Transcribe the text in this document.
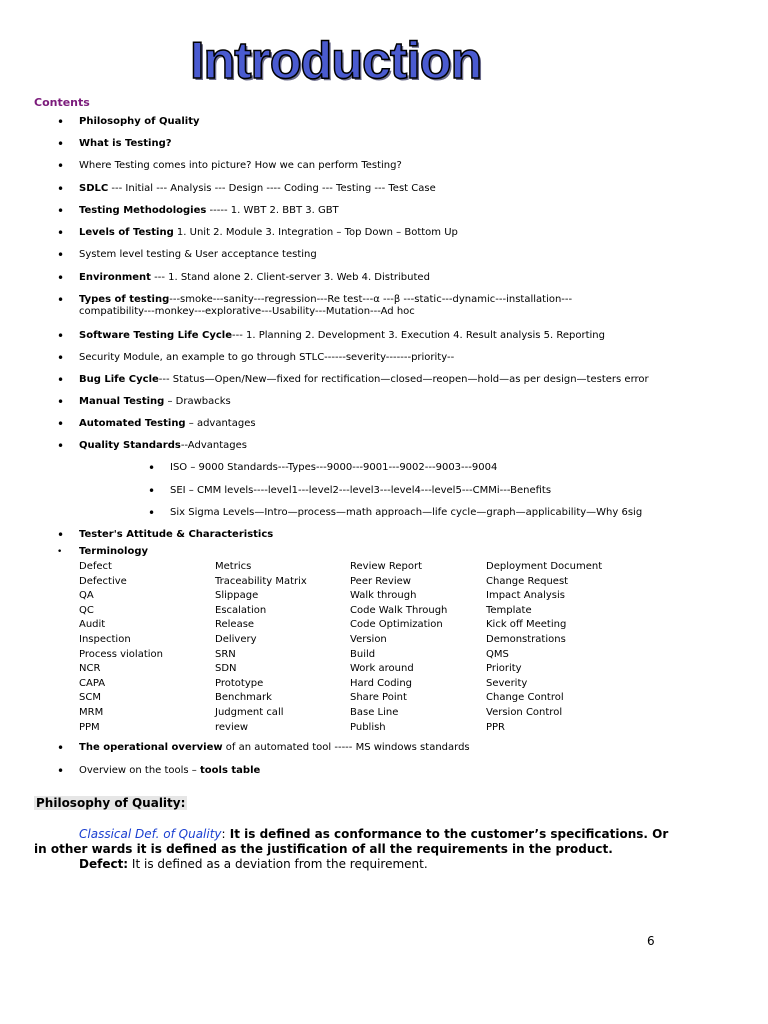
Introduction
Contents
• Philosophy of Quality
• What is Testing?
• Where Testing comes into picture? How we can perform Testing?
• SDLC --- Initial --- Analysis --- Design ---- Coding --- Testing --- Test Case
• Testing Methodologies ----- 1. WBT 2. BBT 3. GBT
• Levels of Testing 1. Unit 2. Module 3. Integration – Top Down – Bottom Up
• System level testing & User acceptance testing
• Environment --- 1. Stand alone 2. Client-server 3. Web 4. Distributed
• Types of testing---smoke---sanity---regression---Re test---α ---β ---static---dynamic---installation---compatibility---monkey---explorative---Usability---Mutation---Ad hoc
• Software Testing Life Cycle--- 1. Planning 2. Development 3. Execution 4. Result analysis 5. Reporting
• Security Module, an example to go through STLC------severity-------priority--
• Bug Life Cycle--- Status—Open/New—fixed for rectification—closed—reopen—hold—as per design—testers error
• Manual Testing – Drawbacks
• Automated Testing – advantages
• Quality Standards--Advantages
• ISO – 9000 Standards---Types---9000---9001---9002---9003---9004
• SEI – CMM levels----level1---level2---level3---level4---level5---CMMi---Benefits
• Six Sigma Levels—Intro—process—math approach—life cycle—graph—applicability—Why 6sig
• Tester's Attitude & Characteristics
• Terminology
Defect	Metrics	Review Report	Deployment Document
Defective	Traceability Matrix	Peer Review	Change Request
QA	Slippage	Walk through	Impact Analysis
QC	Escalation	Code Walk Through	Template
Audit	Release	Code Optimization	Kick off Meeting
Inspection	Delivery	Version	Demonstrations
Process violation	SRN	Build	QMS
NCR	SDN	Work around	Priority
CAPA	Prototype	Hard Coding	Severity
SCM	Benchmark	Share Point	Change Control
MRM	Judgment call	Base Line	Version Control
PPM	review	Publish	PPR
• The operational overview of an automated tool ----- MS windows standards
• Overview on the tools – tools table
Philosophy of Quality:
Classical Def. of Quality: It is defined as conformance to the customer’s specifications. Or in other wards it is defined as the justification of all the requirements in the product.
Defect: It is defined as a deviation from the requirement.
6
